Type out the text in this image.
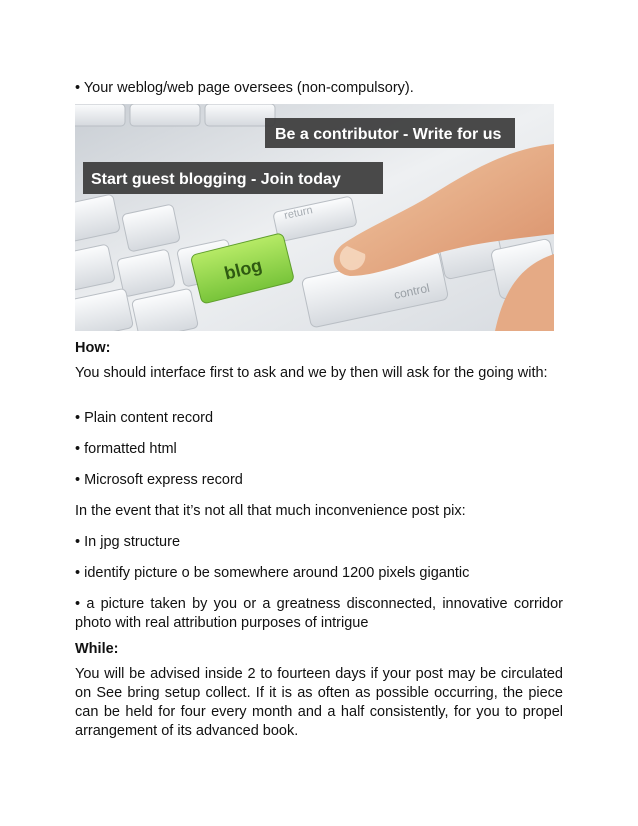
• Your weblog/web page oversees (non-compulsory).

blog
control
return
Be a contributor - Write for us
Start guest blogging - Join today

How:

You should interface first to ask and we by then will ask for the going with:

• Plain content record

• formatted html

• Microsoft express record

In the event that it’s not all that much inconvenience post pix:

• In jpg structure

• identify picture o be somewhere around 1200 pixels gigantic

• a picture taken by you or a greatness disconnected, innovative corridor photo with real attribution purposes of intrigue

While:

You will be advised inside 2 to fourteen days if your post may be circulated on See bring setup collect. If it is as often as possible occurring, the piece can be held for four every month and a half consistently, for you to propel arrangement of its advanced book.
